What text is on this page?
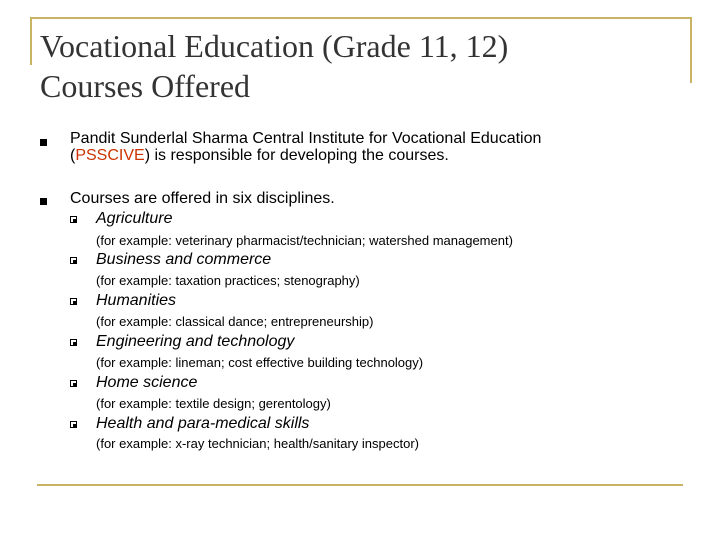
Vocational Education (Grade 11, 12)
Courses Offered
Pandit Sunderlal Sharma Central Institute for Vocational Education
(PSSCIVE) is responsible for developing the courses.
Courses are offered in six disciplines.
Agriculture
(for example: veterinary pharmacist/technician; watershed management)
Business and commerce
(for example: taxation practices; stenography)
Humanities
(for example: classical dance; entrepreneurship)
Engineering and technology
(for example: lineman; cost effective building technology)
Home science
(for example: textile design; gerentology)
Health and para-medical skills
(for example: x-ray technician; health/sanitary inspector)
